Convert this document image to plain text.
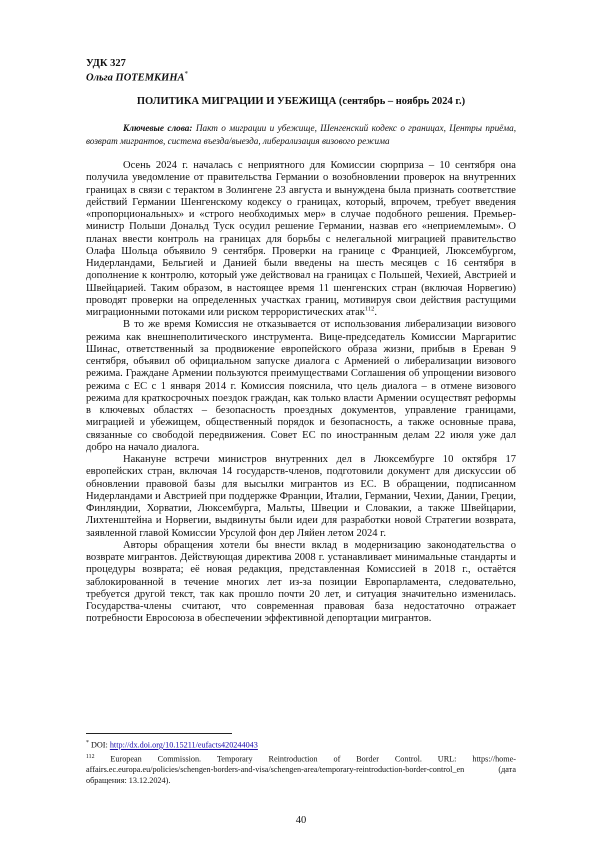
УДК 327
Ольга ПОТЕМКИНА*
ПОЛИТИКА МИГРАЦИИ И УБЕЖИЩА (сентябрь – ноябрь 2024 г.)
Ключевые слова: Пакт о миграции и убежище, Шенгенский кодекс о границах, Центры приёма, возврат мигрантов, система въезда/выезда, либерализация визового режима

Осень 2024 г. началась с неприятного для Комиссии сюрприза – 10 сентября она получила уведомление от правительства Германии о возобновлении проверок на внутренних границах в связи с терактом в Золингене 23 августа и вынуждена была признать соответствие действий Германии Шенгенскому кодексу о границах, который, впрочем, требует введения «пропорциональных» и «строго необходимых мер» в случае подобного решения. Премьер-министр Польши Дональд Туск осудил решение Германии, назвав его «неприемлемым». О планах ввести контроль на границах для борьбы с нелегальной миграцией правительство Олафа Шольца объявило 9 сентября. Проверки на границе с Францией, Люксембургом, Нидерландами, Бельгией и Данией были введены на шесть месяцев с 16 сентября в дополнение к контролю, который уже действовал на границах с Польшей, Чехией, Австрией и Швейцарией. Таким образом, в настоящее время 11 шенгенских стран (включая Норвегию) проводят проверки на определенных участках границ, мотивируя свои действия растущими миграционными потоками или риском террористических атак112.

В то же время Комиссия не отказывается от использования либерализации визового режима как внешнеполитического инструмента. Вице-председатель Комиссии Маргаритис Шинас, ответственный за продвижение европейского образа жизни, прибыв в Ереван 9 сентября, объявил об официальном запуске диалога с Арменией о либерализации визового режима. Граждане Армении пользуются преимуществами Соглашения об упрощении визового режима с ЕС с 1 января 2014 г. Комиссия пояснила, что цель диалога – в отмене визового режима для краткосрочных поездок граждан, как только власти Армении осуществят реформы в ключевых областях – безопасность проездных документов, управление границами, миграцией и убежищем, общественный порядок и безопасность, а также основные права, связанные со свободой передвижения. Совет ЕС по иностранным делам 22 июля уже дал добро на начало диалога.

Накануне встречи министров внутренних дел в Люксембурге 10 октября 17 европейских стран, включая 14 государств-членов, подготовили документ для дискуссии об обновлении правовой базы для высылки мигрантов из ЕС. В обращении, подписанном Нидерландами и Австрией при поддержке Франции, Италии, Германии, Чехии, Дании, Греции, Финляндии, Хорватии, Люксембурга, Мальты, Швеции и Словакии, а также Швейцарии, Лихтенштейна и Норвегии, выдвинуты были идеи для разработки новой Стратегии возврата, заявленной главой Комиссии Урсулой фон дер Ляйен летом 2024 г.

Авторы обращения хотели бы внести вклад в модернизацию законодательства о возврате мигрантов. Действующая директива 2008 г. устанавливает минимальные стандарты и процедуры возврата; её новая редакция, представленная Комиссией в 2018 г., остаётся заблокированной в течение многих лет из-за позиции Европарламента, следовательно, требуется другой текст, так как прошло почти 20 лет, и ситуация значительно изменилась. Государства-члены считают, что современная правовая база недостаточно отражает потребности Евросоюза в обеспечении эффективной депортации мигрантов.

* DOI: http://dx.doi.org/10.15211/eufacts420244043

112 European Commission. Temporary Reintroduction of Border Control. URL: https://home-affairs.ec.europa.eu/policies/schengen-borders-and-visa/schengen-area/temporary-reintroduction-border-control_en (дата обращения: 13.12.2024).

40
